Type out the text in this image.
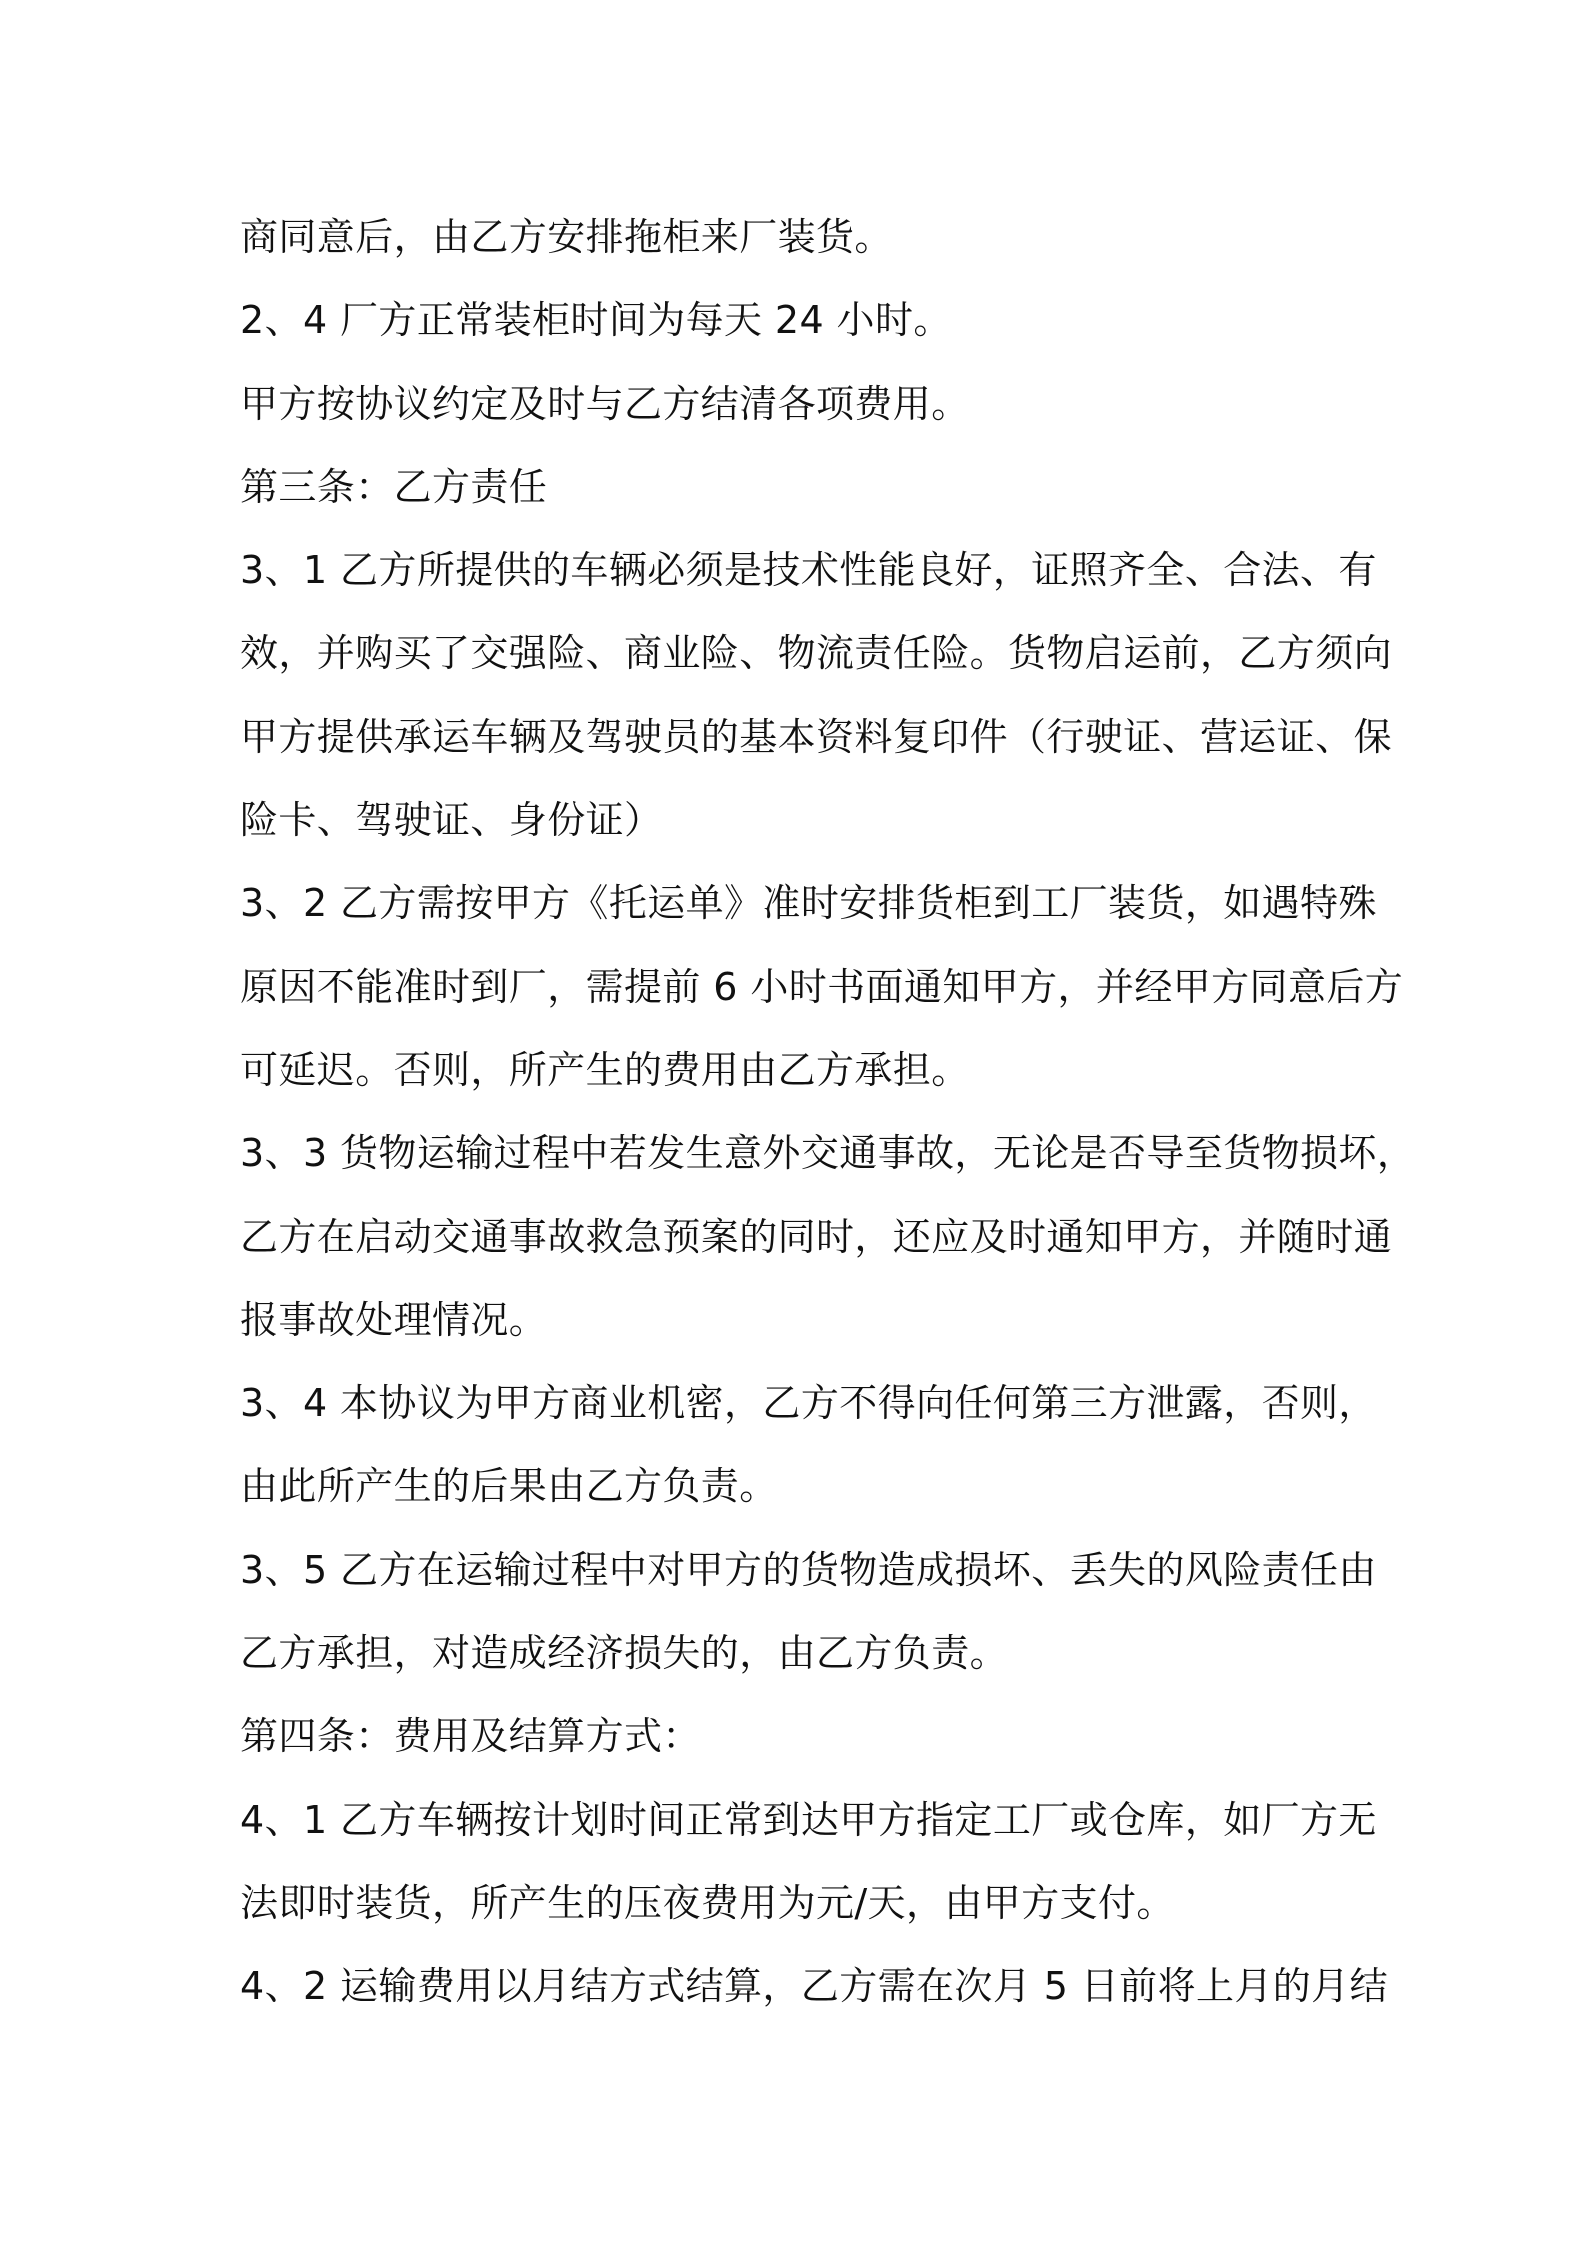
商同意后，由乙方安排拖柜来厂装货。
2、4 厂方正常装柜时间为每天 24 小时。
甲方按协议约定及时与乙方结清各项费用。
第三条：乙方责任
3、1 乙方所提供的车辆必须是技术性能良好，证照齐全、合法、有
效，并购买了交强险、商业险、物流责任险。货物启运前，乙方须向
甲方提供承运车辆及驾驶员的基本资料复印件（行驶证、营运证、保
险卡、驾驶证、身份证）
3、2 乙方需按甲方《托运单》准时安排货柜到工厂装货，如遇特殊
原因不能准时到厂，需提前 6 小时书面通知甲方，并经甲方同意后方
可延迟。否则，所产生的费用由乙方承担。
3、3 货物运输过程中若发生意外交通事故，无论是否导至货物损坏，
乙方在启动交通事故救急预案的同时，还应及时通知甲方，并随时通
报事故处理情况。
3、4 本协议为甲方商业机密，乙方不得向任何第三方泄露，否则，
由此所产生的后果由乙方负责。
3、5 乙方在运输过程中对甲方的货物造成损坏、丢失的风险责任由
乙方承担，对造成经济损失的，由乙方负责。
第四条：费用及结算方式：
4、1 乙方车辆按计划时间正常到达甲方指定工厂或仓库，如厂方无
法即时装货，所产生的压夜费用为元/天，由甲方支付。
4、2 运输费用以月结方式结算，乙方需在次月 5 日前将上月的月结
